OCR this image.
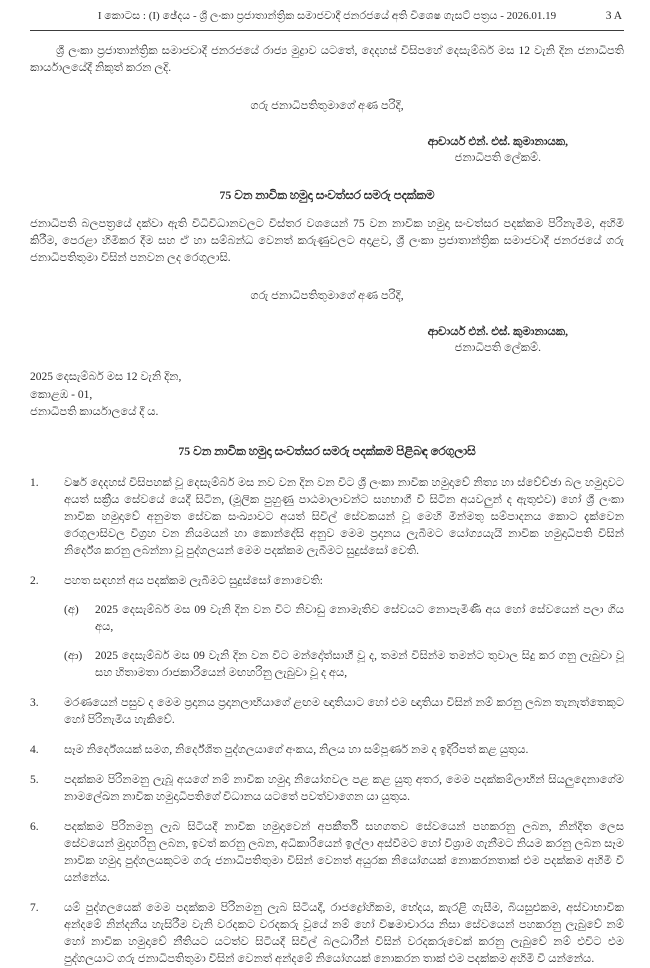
I කොටස : (I) ඡේදය - ශ්‍රී ලංකා ප්‍රජාතාන්ත්‍රික සමාජවාදී ජනරජයේ අති විශෙෂ ගැසට් පත්‍රය - 2026.01.19	3 A

ශ්‍රී ලංකා ප්‍රජාතාන්ත්‍රික සමාජවාදී ජනරජයේ රාජ්‍ය මුද්‍රාව යටතේ, දෙදහස් විසිපහේ දෙසැම්බර් මස 12 වැනි දින ජනාධිපති කාර්යාලයේදී නිකුත් කරන ලදි.

ගරු ජනාධිපතිතුමාගේ අණ පරිදි,
ආචාර්ය එන්. එස්. කුමානායක,
ජනාධිපති ලේකම්.
75 වන නාවික හමුදා සංවත්සර සමරු පදක්කම

ජනාධිපති බලපත්‍රයේ දක්වා ඇති විධිවිධානවලට විස්තර වශයෙන් 75 වන නාවික හමුදා සංවත්සර පදක්කම පිරිනැමීම, අහිමි කිරීම, පෙරළා හිමිකර දීම සහ ඒ හා සම්බන්ධ වෙනත් කරුණුවලට අදාළව, ශ්‍රී ලංකා ප්‍රජාතාන්ත්‍රික සමාජවාදී ජනරජයේ ගරු ජනාධිපතිතුමා විසින් පනවන ලද රෙගුලාසි.

ගරු ජනාධිපතිතුමාගේ අණ පරිදි,
ආචාර්ය එන්. එස්. කුමානායක,
ජනාධිපති ලේකම්.
2025 දෙසැම්බර් මස 12 වැනි දින,
කොළඹ - 01,
ජනාධිපති කාර්යාලයේ දී ය.
75 වන නාවික හමුදා සංවත්සර සමරු පදක්කම පිළිබඳ රෙගුලාසි
1.	වර්ෂ දෙදහස් විසිපහක් වූ දෙසැම්බර් මස නව වන දින වන විට ශ්‍රී ලංකා නාවික හමුදාවේ නිත්‍ය හා ස්වේච්ඡා බල හමුදාවට අයත් සක්‍රීය සේවයේ යෙදී සිටින, (මූලික පුහුණු පාඨමාලාවන්ට සහභාගී වී සිටින අයවලුන් ද ඇතුළුව) හෝ ශ්‍රී ලංකා නාවික හමුදාවේ අනුමත සේවක සංඛ්‍යාවට අයත් සිවිල් සේවකයන් වූ මෙහි මින්මතු සම්පාදනය කොට දැක්වෙන රෙගුලාසිවල විග්‍රහ වන නියමයන් හා කොන්දේසි අනුව මෙම ප්‍රදානය ලැබීමට යෝග්‍යයැයි නාවික හමුදාධිපති විසින් නිර්දේශ කරනු ලබන්නා වූ පුද්ගලයන් මෙම පදක්කම ලැබීමට සුදුස්සෝ වෙති.
2.	පහත සඳහන් අය පදක්කම ලැබීමට සුදුස්සෝ නොවෙති:
(අ)	2025 දෙසැම්බර් මස 09 වැනි දින වන විට නිවාඩු නොමැතිව සේවයට නොපැමිණි අය හෝ සේවයෙන් පලා ගිය අය,
(ආ)	2025 දෙසැම්බර් මස 09 වැනි දින වන විට මන්දෝත්සාහී වූ ද, තමන් විසින්ම තමන්ට තුවාල සිදු කර ගනු ලැබුවා වූ සහ හිතාමතා රාජකාරියෙන් මඟහරිනු ලැබුවා වූ ද අය,
3.	මරණයෙන් පසුව ද මෙම ප්‍රදානය ප්‍රදානලාභියාගේ ළඟම ඥාතියාට හෝ එම ඥාතියා විසින් නම් කරනු ලබන තැනැත්තෙකුට හෝ පිරිනැමිය හැකිවේ.
4.	සෑම නිර්දේශයක් සමග, නිර්දේශිත පුද්ගලයාගේ අංකය, නිලය හා සම්පූර්ණ නම ද ඉදිරිපත් කළ යුතුය.
5.	පදක්කම පිරිනමනු ලැබූ අයගේ නම් නාවික හමුදා නියෝගවල පළ කළ යුතු අතර, මෙම පදක්කම්ලාභීන් සියලුදෙනාගේම නාමලේඛන නාවික හමුදාධිපතිගේ විධානය යටතේ පවත්වාගෙන යා යුතුය.
6.	පදක්කම පිරිනමනු ලැබ සිටියදී නාවික හමුදාවෙන් අපකීර්ති සහගතව සේවයෙන් පහකරනු ලබන, නින්දිත ලෙස සේවයෙන් මුදාහරිනු ලබන, ඉවත් කරනු ලබන, අධිකාරියෙන් ඉල්ලා අස්වීමට හෝ විශ්‍රාම ගැනීමට නියම කරනු ලබන සෑම නාවික හමුදා පුද්ගලයකුටම ගරු ජනාධිපතිතුමා විසින් වෙනත් අයුරක නියෝගයක් නොකරනතාක් එම පදක්කම අහිමි වී යන්නේය.
7.	යම් පුද්ගලයෙක් මෙම පදක්කම පිරිනමනු ලැබ සිටියදී, රාජද්‍රෝහිකම, භේදය, කැරළි ගැසීම, බියසුළුකම, අස්වාභාවික අන්දමේ නින්දනීය හැසිරීම වැනි වරදකට වරදකරු වූයේ නම් හෝ විෂමාචාරය නිසා සේවයෙන් පහකරනු ලැබුවේ නම් හෝ නාවික හමුදාවේ නීතියට යටත්ව සිටියදී සිවිල් බලධාරීන් විසින් වරදකරුවෙක් කරනු ලැබුවේ නම් එවිට එම පුද්ගලයාට ගරු ජනාධිපතිතුමා විසින් වෙනත් අන්දමේ නියෝගයක් නොකරන තාක් එම පදක්කම අහිමි වී යන්නේය.
